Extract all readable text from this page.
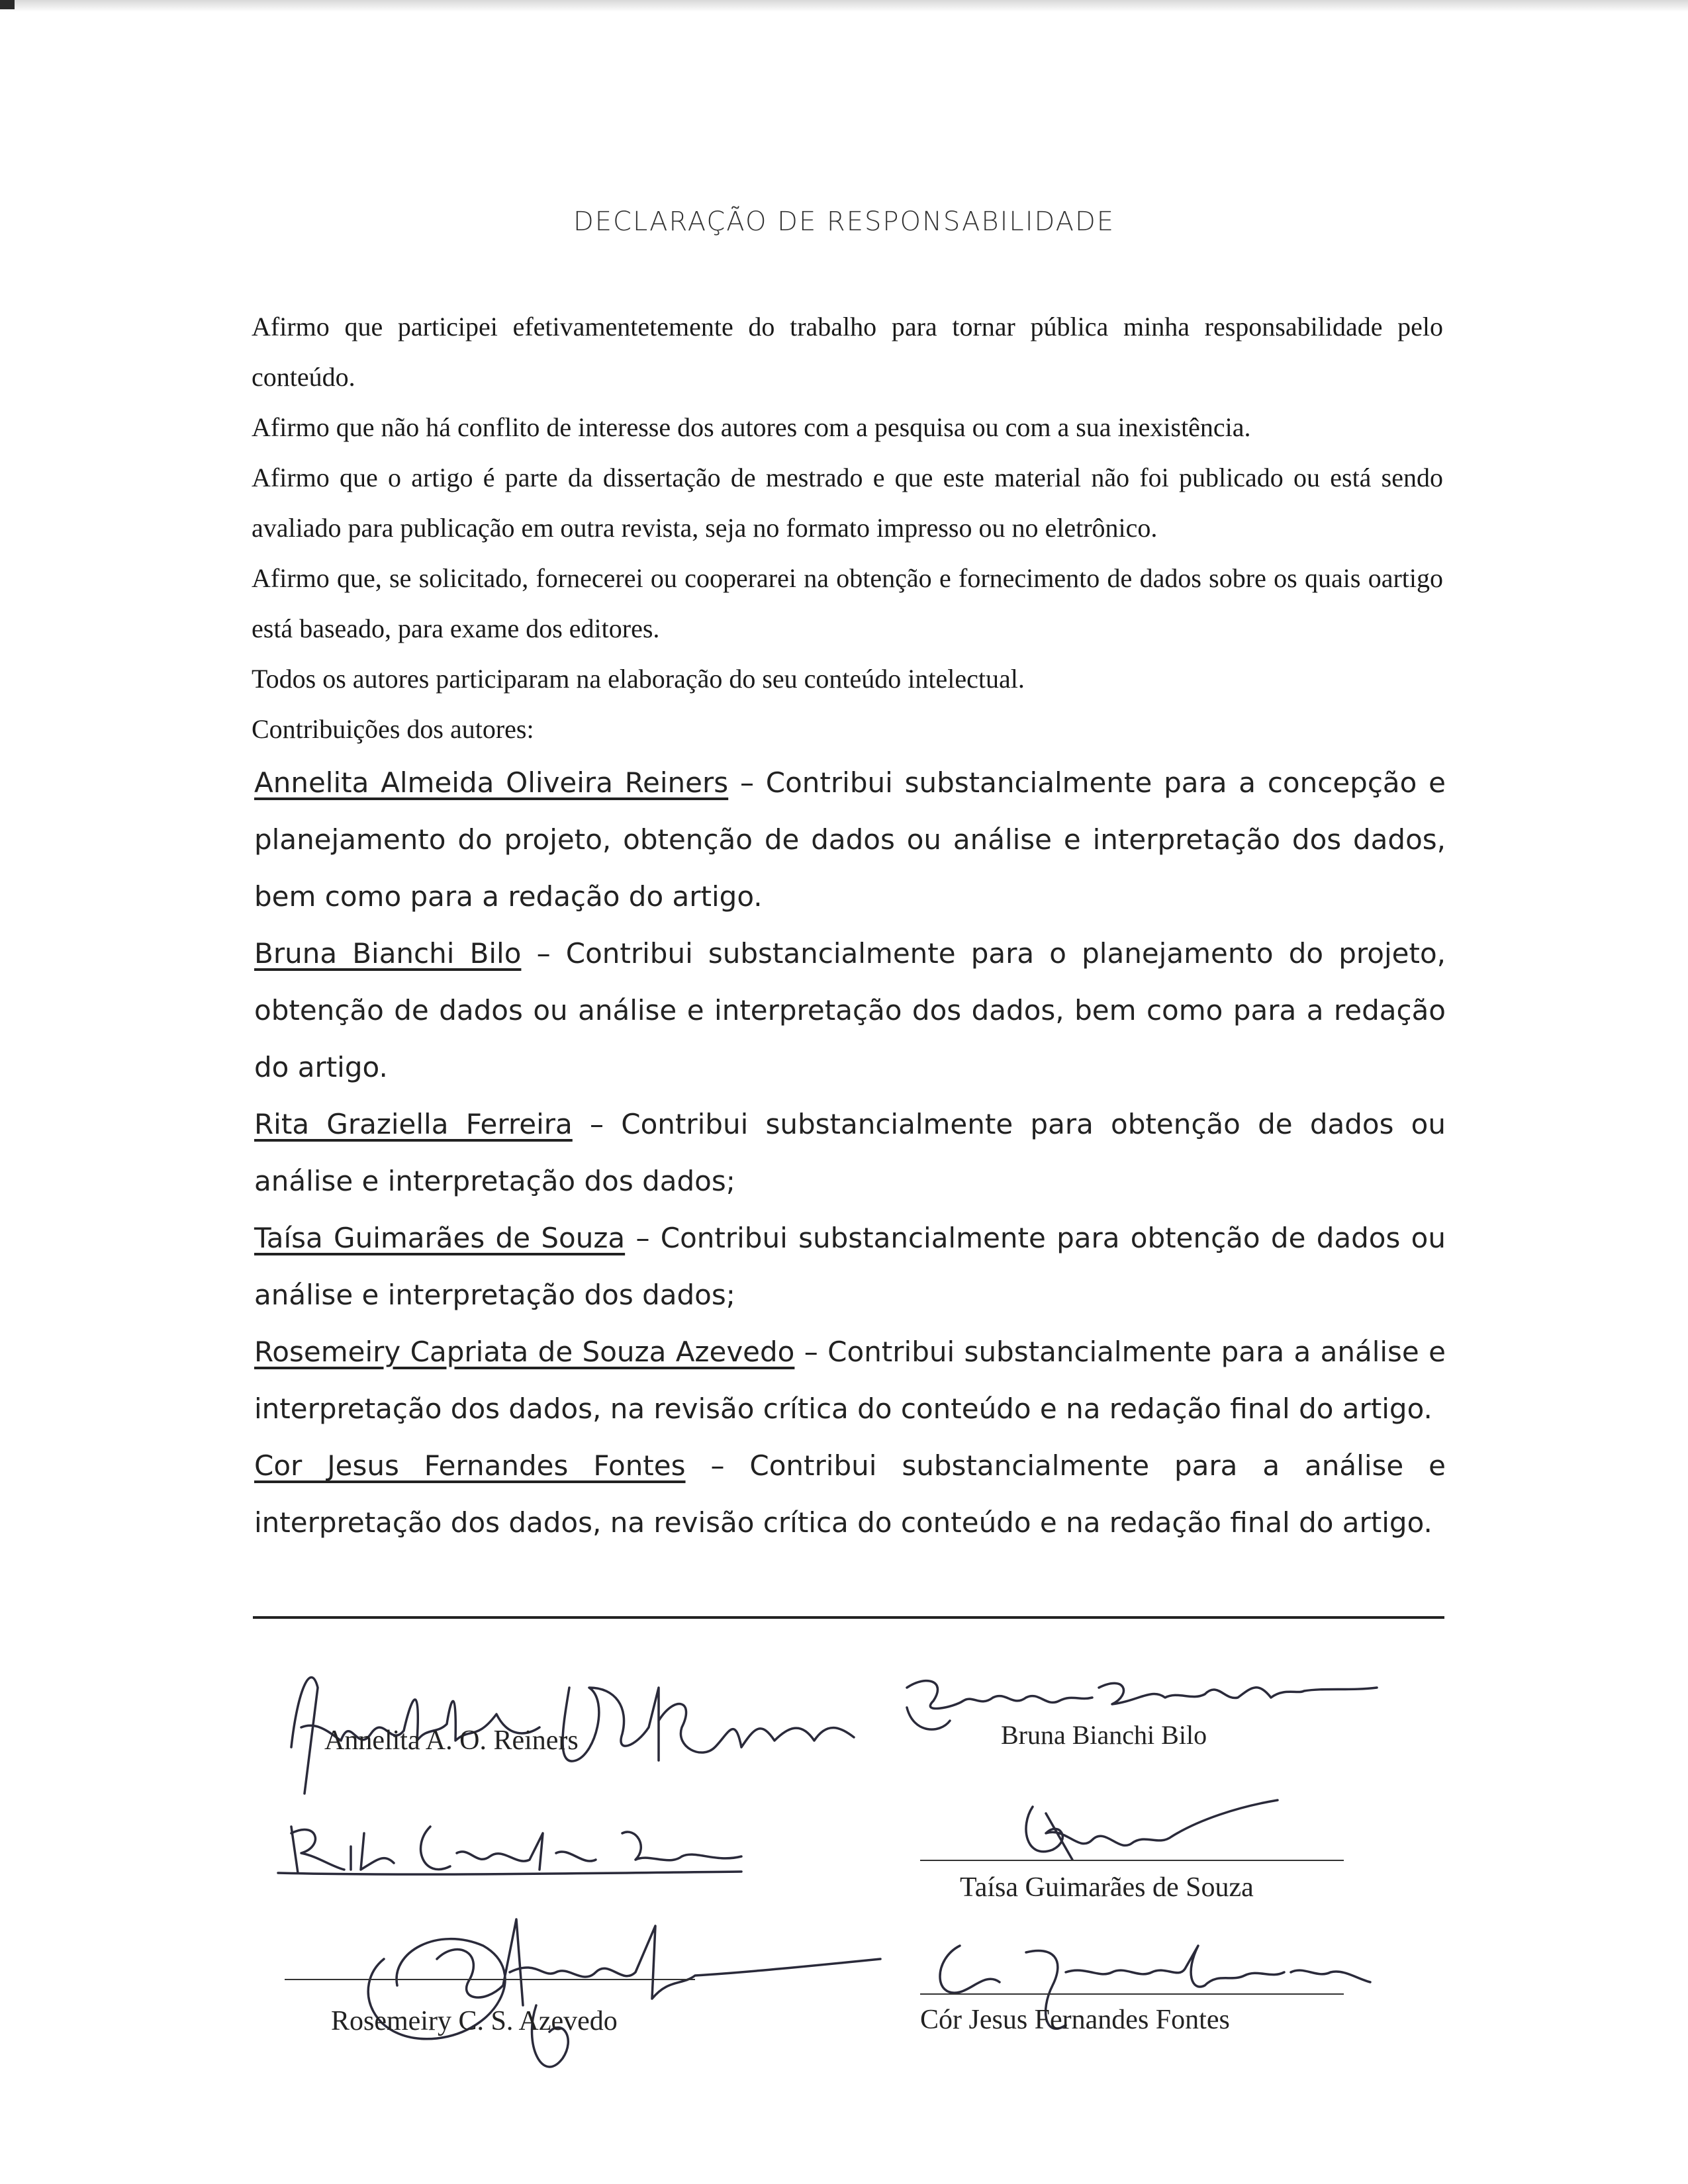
DECLARAÇÃO DE RESPONSABILIDADE

Afirmo que participei efetivamentetemente do trabalho para tornar pública minha responsabilidade pelo conteúdo.

Afirmo que não há conflito de interesse dos autores com a pesquisa ou com a sua inexistência.

Afirmo que o artigo é parte da dissertação de mestrado e que este material não foi publicado ou está sendo avaliado para publicação em outra revista, seja no formato impresso ou no eletrônico.

Afirmo que, se solicitado, fornecerei ou cooperarei na obtenção e fornecimento de dados sobre os quais oartigo está baseado, para exame dos editores.

Todos os autores participaram na elaboração do seu conteúdo intelectual.

Contribuições dos autores:

Annelita Almeida Oliveira Reiners – Contribui substancialmente para a concepção e planejamento do projeto, obtenção de dados ou análise e interpretação dos dados, bem como para a redação do artigo.

Bruna Bianchi Bilo – Contribui substancialmente para o planejamento do projeto, obtenção de dados ou análise e interpretação dos dados, bem como para a redação do artigo.

Rita Graziella Ferreira – Contribui substancialmente para obtenção de dados ou análise e interpretação dos dados;

Taísa Guimarães de Souza – Contribui substancialmente para obtenção de dados ou análise e interpretação dos dados;

Rosemeiry Capriata de Souza Azevedo – Contribui substancialmente para a análise e interpretação dos dados, na revisão crítica do conteúdo e na redação final do artigo.

Cor Jesus Fernandes Fontes – Contribui substancialmente para a análise e interpretação dos dados, na revisão crítica do conteúdo e na redação final do artigo.

Annelita A. O. Reiners	Bruna Bianchi Bilo
Taísa Guimarães de Souza
Rosemeiry C. S. Azevedo	Cór Jesus Fernandes Fontes
